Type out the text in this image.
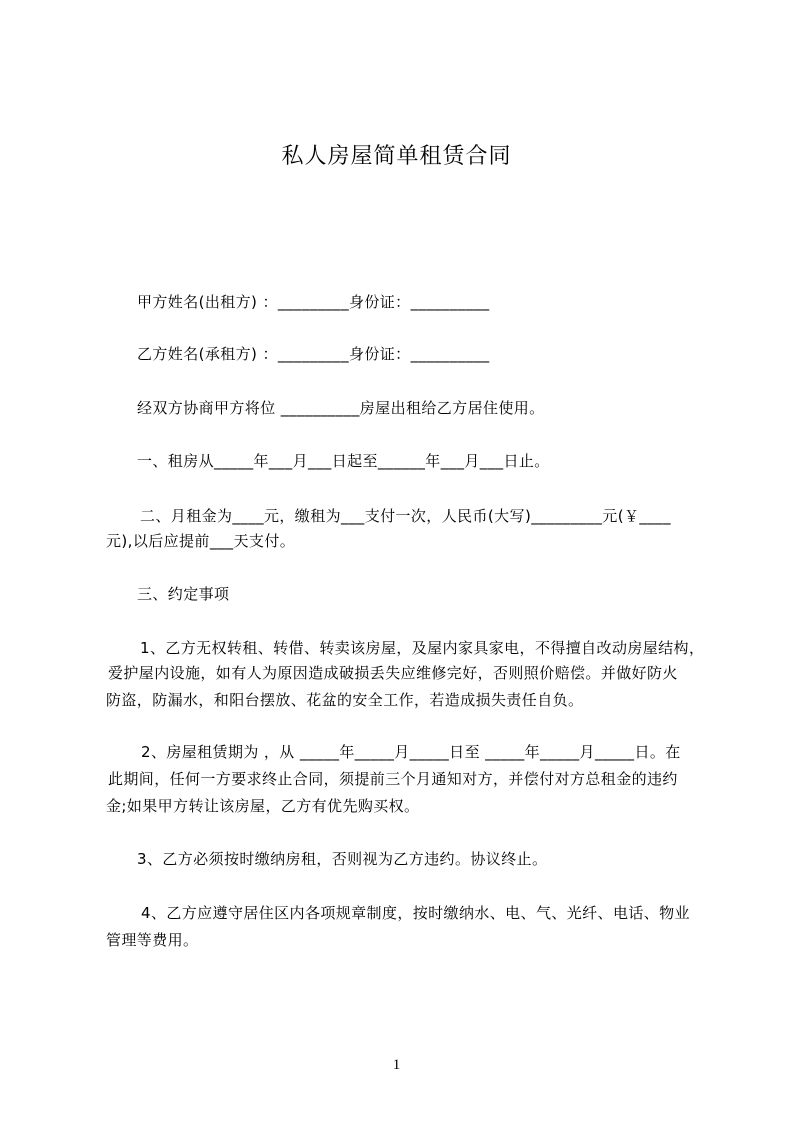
私人房屋简单租赁合同
甲方姓名(出租方) ：_________身份证：__________
乙方姓名(承租方) ：_________身份证：__________
经双方协商甲方将位 __________房屋出租给乙方居住使用。
一、租房从_____年___月___日起至______年___月___日止。
二、月租金为____元，缴租为___支付一次，人民币(大写)_________元(￥____
元),以后应提前___天支付。
三、约定事项
1、乙方无权转租、转借、转卖该房屋，及屋内家具家电，不得擅自改动房屋结构，
爱护屋内设施，如有人为原因造成破损丢失应维修完好，否则照价赔偿。并做好防火
防盗，防漏水，和阳台摆放、花盆的安全工作，若造成损失责任自负。
2、房屋租赁期为 ，从 _____年_____月_____日至 _____年_____月_____日。在
此期间，任何一方要求终止合同，须提前三个月通知对方，并偿付对方总租金的违约
金;如果甲方转让该房屋，乙方有优先购买权。
3、乙方必须按时缴纳房租，否则视为乙方违约。协议终止。
4、乙方应遵守居住区内各项规章制度，按时缴纳水、电、气、光纤、电话、物业
管理等费用。
1
